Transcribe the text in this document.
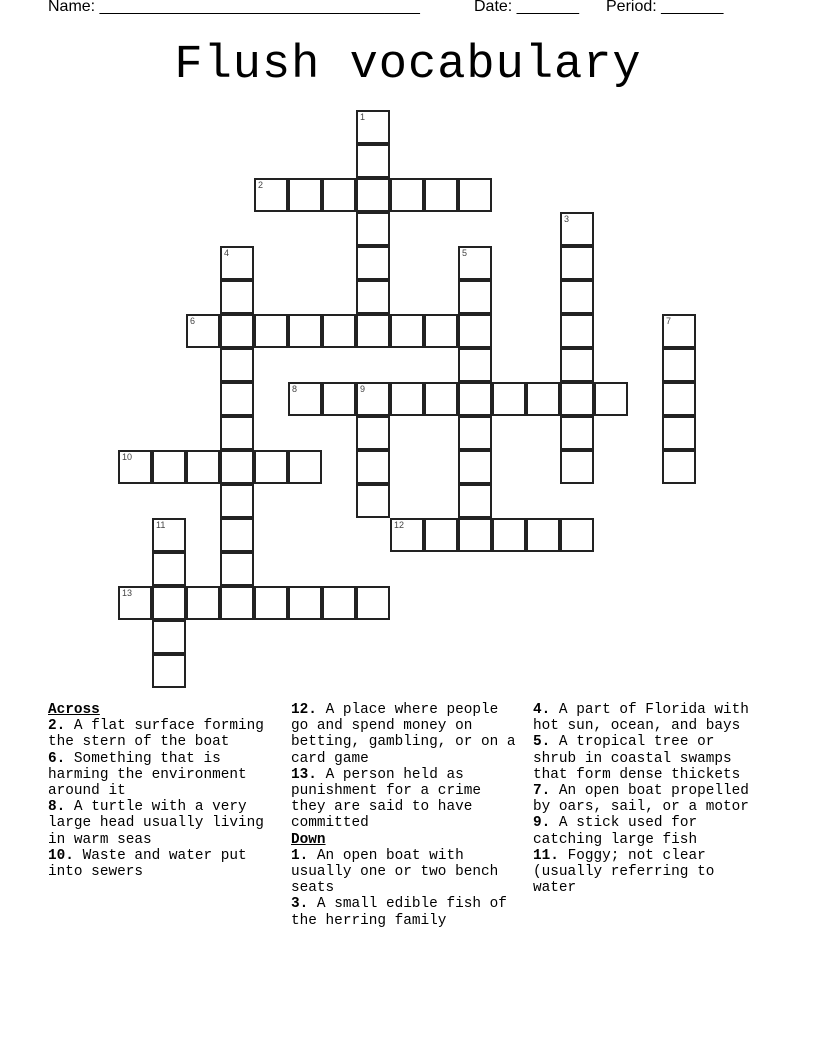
Name: ____________________________________	Date: _______ Period: _______
Flush vocabulary
1
2
3
4	5
6	7
8	9
10
11	12
13
Across
2. A flat surface forming the stern of the boat
6. Something that is harming the environment around it
8. A turtle with a very large head usually living in warm seas
10. Waste and water put into sewers
12. A place where people go and spend money on betting, gambling, or on a card game
13. A person held as punishment for a crime they are said to have committed
Down
1. An open boat with usually one or two bench seats
3. A small edible fish of the herring family
4. A part of Florida with hot sun, ocean, and bays
5. A tropical tree or shrub in coastal swamps that form dense thickets
7. An open boat propelled by oars, sail, or a motor
9. A stick used for catching large fish
11. Foggy; not clear (usually referring to water
